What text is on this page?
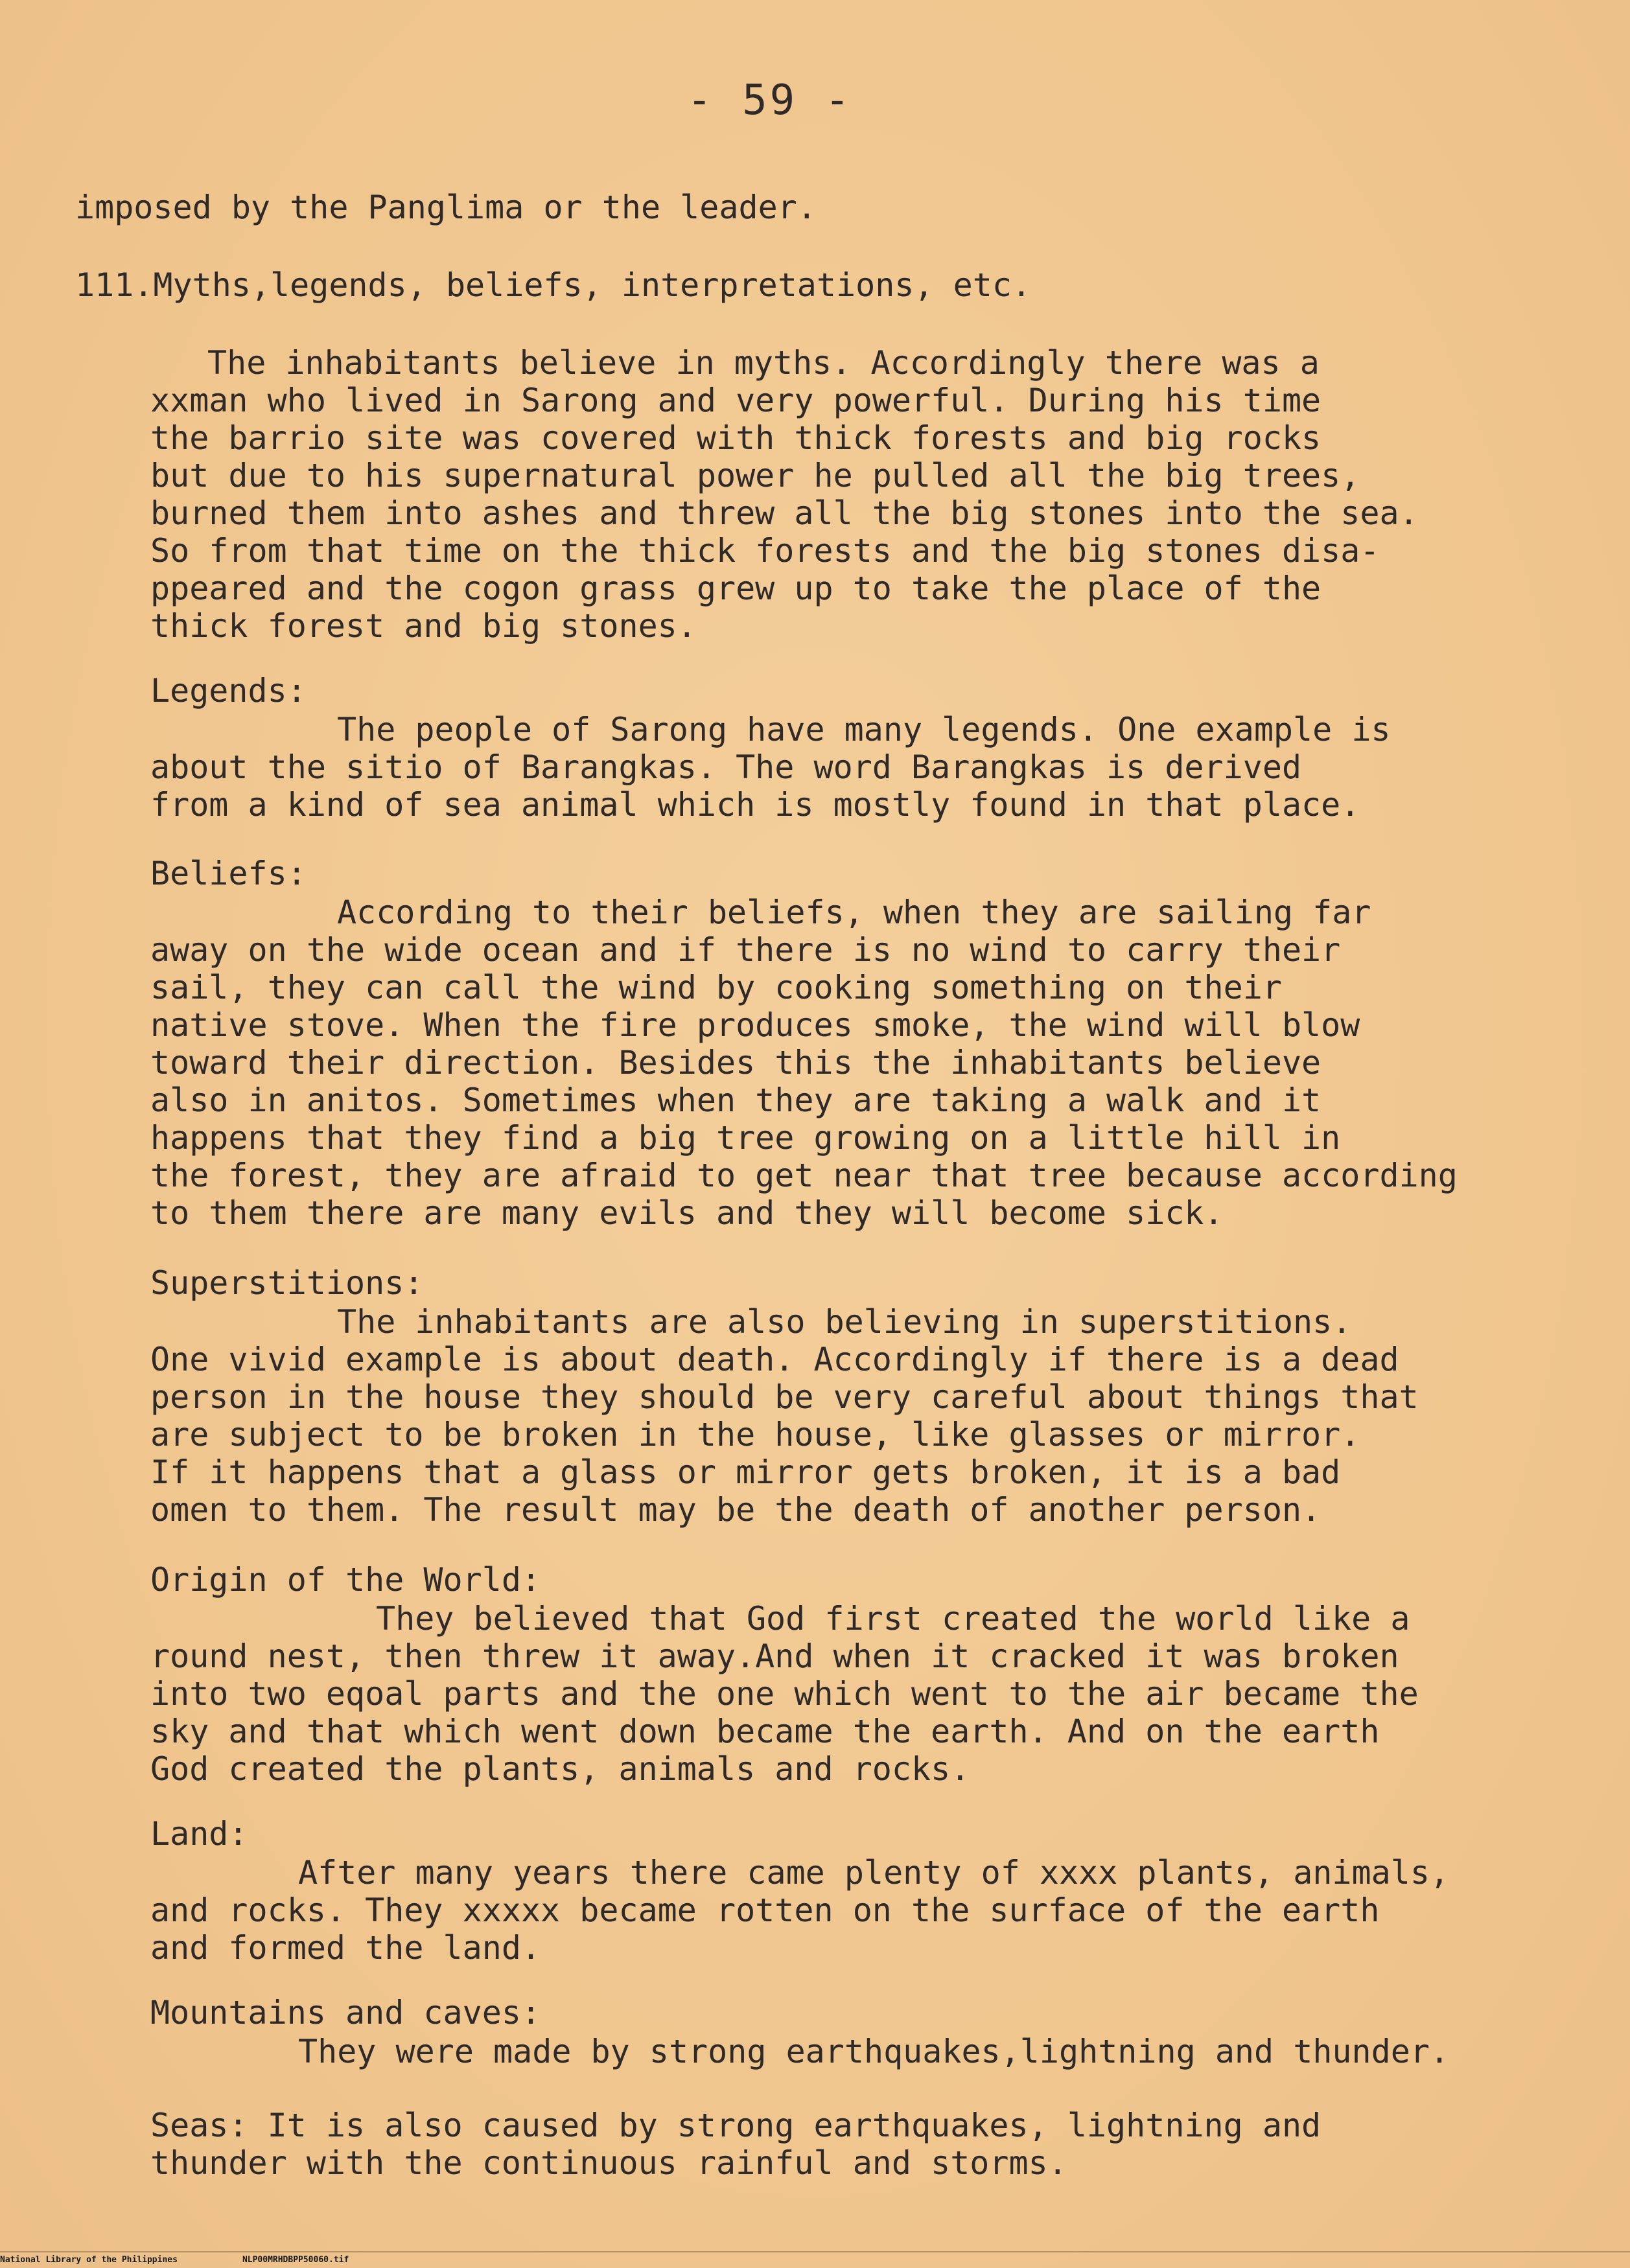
- 59 -
imposed by the Panglima or the leader.
111.Myths,legends, beliefs, interpretations, etc.
The inhabitants believe in myths. Accordingly there was a
xxman who lived in Sarong and very powerful. During his time
the barrio site was covered with thick forests and big rocks
but due to his supernatural power he pulled all the big trees,
burned them into ashes and threw all the big stones into the sea.
So from that time on the thick forests and the big stones disa-
ppeared and the cogon grass grew up to take the place of the
thick forest and big stones.
Legends:
The people of Sarong have many legends. One example is
about the sitio of Barangkas. The word Barangkas is derived
from a kind of sea animal which is mostly found in that place.
Beliefs:
According to their beliefs, when they are sailing far
away on the wide ocean and if there is no wind to carry their
sail, they can call the wind by cooking something on their
native stove. When the fire produces smoke, the wind will blow
toward their direction. Besides this the inhabitants believe
also in anitos. Sometimes when they are taking a walk and it
happens that they find a big tree growing on a little hill in
the forest, they are afraid to get near that tree because according
to them there are many evils and they will become sick.
Superstitions:
The inhabitants are also believing in superstitions.
One vivid example is about death. Accordingly if there is a dead
person in the house they should be very careful about things that
are subject to be broken in the house, like glasses or mirror.
If it happens that a glass or mirror gets broken, it is a bad
omen to them. The result may be the death of another person.
Origin of the World:
They believed that God first created the world like a
round nest, then threw it away.And when it cracked it was broken
into two eqoal parts and the one which went to the air became the
sky and that which went down became the earth. And on the earth
God created the plants, animals and rocks.
Land:
After many years there came plenty of xxxx plants, animals,
and rocks. They xxxxx became rotten on the surface of the earth
and formed the land.
Mountains and caves:
They were made by strong earthquakes,lightning and thunder.
Seas: It is also caused by strong earthquakes, lightning and
thunder with the continuous rainful and storms.
National Library of the Philippines	NLP00MRHDBPP50060.tif
